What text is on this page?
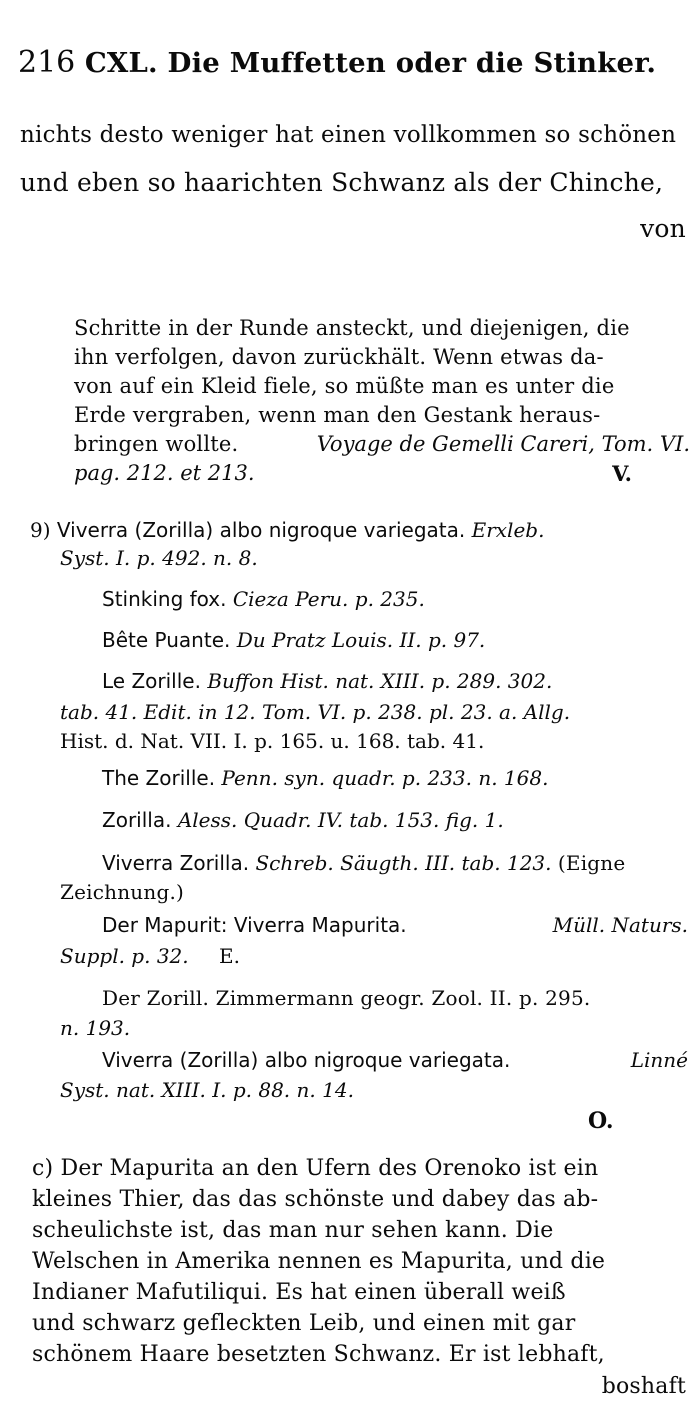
216 CXL. Die Muffetten oder die Stinker.
nichts desto weniger hat einen vollkommen so schönen
und eben so haarichten Schwanz als der Chinche,
von
Schritte in der Runde ansteckt, und diejenigen, die
ihn verfolgen, davon zurückhält. Wenn etwas da-
von auf ein Kleid fiele, so müßte man es unter die
Erde vergraben, wenn man den Gestank heraus-
bringen wollte.	Voyage de Gemelli Careri, Tom. VI.
pag. 212. et 213.	V.
9) Viverra (Zorilla) albo nigroque variegata. Erxleb.
Syst. I. p. 492. n. 8.
Stinking fox. Cieza Peru. p. 235.
Bête Puante. Du Pratz Louis. II. p. 97.
Le Zorille. Buffon Hist. nat. XIII. p. 289. 302.
tab. 41. Edit. in 12. Tom. VI. p. 238. pl. 23. a. Allg.
Hist. d. Nat. VII. I. p. 165. u. 168. tab. 41.
The Zorille. Penn. syn. quadr. p. 233. n. 168.
Zorilla. Aless. Quadr. IV. tab. 153. fig. 1.
Viverra Zorilla. Schreb. Säugth. III. tab. 123. (Eigne
Zeichnung.)
Der Mapurit: Viverra Mapurita.	Müll. Naturs.
Suppl. p. 32. E.
Der Zorill. Zimmermann geogr. Zool. II. p. 295.
n. 193.
Viverra (Zorilla) albo nigroque variegata.	Linné
Syst. nat. XIII. I. p. 88. n. 14.
O.
c) Der Mapurita an den Ufern des Orenoko ist ein
kleines Thier, das das schönste und dabey das ab-
scheulichste ist, das man nur sehen kann. Die
Welschen in Amerika nennen es Mapurita, und die
Indianer Mafutiliqui. Es hat einen überall weiß
und schwarz gefleckten Leib, und einen mit gar
schönem Haare besetzten Schwanz. Er ist lebhaft,
boshaft
